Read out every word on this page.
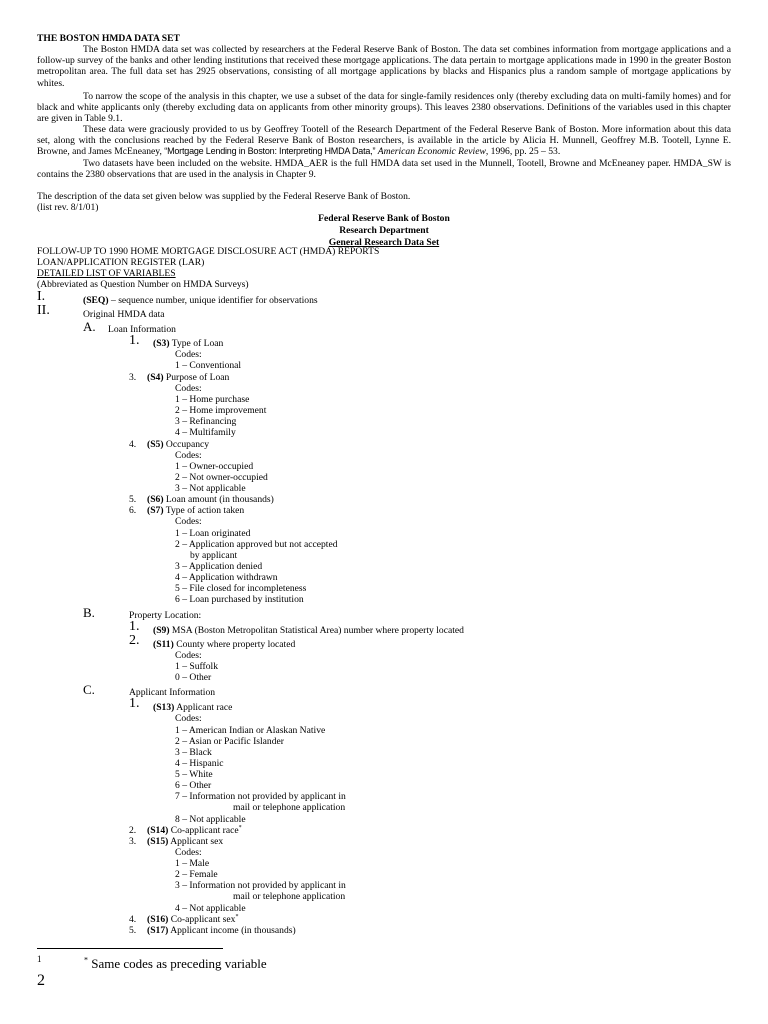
THE BOSTON HMDA DATA SET
The Boston HMDA data set was collected by researchers at the Federal Reserve Bank of Boston. The data set combines information from mortgage applications and a follow-up survey of the banks and other lending institutions that received these mortgage applications. The data pertain to mortgage applications made in 1990 in the greater Boston metropolitan area. The full data set has 2925 observations, consisting of all mortgage applications by blacks and Hispanics plus a random sample of mortgage applications by whites.
To narrow the scope of the analysis in this chapter, we use a subset of the data for single-family residences only (thereby excluding data on multi-family homes) and for black and white applicants only (thereby excluding data on applicants from other minority groups). This leaves 2380 observations. Definitions of the variables used in this chapter are given in Table 9.1.
These data were graciously provided to us by Geoffrey Tootell of the Research Department of the Federal Reserve Bank of Boston. More information about this data set, along with the conclusions reached by the Federal Reserve Bank of Boston researchers, is available in the article by Alicia H. Munnell, Geoffrey M.B. Tootell, Lynne E. Browne, and James McEneaney, “Mortgage Lending in Boston: Interpreting HMDA Data,” American Economic Review, 1996, pp. 25 – 53.
Two datasets have been included on the website. HMDA_AER is the full HMDA data set used in the Munnell, Tootell, Browne and McEneaney paper. HMDA_SW is contains the 2380 observations that are used in the analysis in Chapter 9.
The description of the data set given below was supplied by the Federal Reserve Bank of Boston.
(list rev. 8/1/01)
Federal Reserve Bank of Boston
Research Department
General Research Data Set
FOLLOW-UP TO 1990 HOME MORTGAGE DISCLOSURE ACT (HMDA) REPORTS
LOAN/APPLICATION REGISTER (LAR)
DETAILED LIST OF VARIABLES
(Abbreviated as Question Number on HMDA Surveys)
I.	(SEQ) – sequence number, unique identifier for observations
II.	Original HMDA data
A. Loan Information
1. (S3) Type of Loan
Codes:
1 – Conventional
3. (S4) Purpose of Loan
Codes:
1 – Home purchase
2 – Home improvement
3 – Refinancing
4 – Multifamily
4. (S5) Occupancy
Codes:
1 – Owner-occupied
2 – Not owner-occupied
3 – Not applicable
5. (S6) Loan amount (in thousands)
6. (S7) Type of action taken
Codes:
1 – Loan originated
2 – Application approved but not accepted
by applicant
3 – Application denied
4 – Application withdrawn
5 – File closed for incompleteness
6 – Loan purchased by institution
B.	Property Location:
1. (S9) MSA (Boston Metropolitan Statistical Area) number where property located
2. (S11) County where property located
Codes:
1 – Suffolk
0 – Other
C.	Applicant Information
1. (S13) Applicant race
Codes:
1 – American Indian or Alaskan Native
2 – Asian or Pacific Islander
3 – Black
4 – Hispanic
5 – White
6 – Other
7 – Information not provided by applicant in
mail or telephone application
8 – Not applicable
2. (S14) Co-applicant race*
3. (S15) Applicant sex
Codes:
1 – Male
2 – Female
3 – Information not provided by applicant in
mail or telephone application
4 – Not applicable
4. (S16) Co-applicant sex*
5. (S17) Applicant income (in thousands)
1	* Same codes as preceding variable
2
